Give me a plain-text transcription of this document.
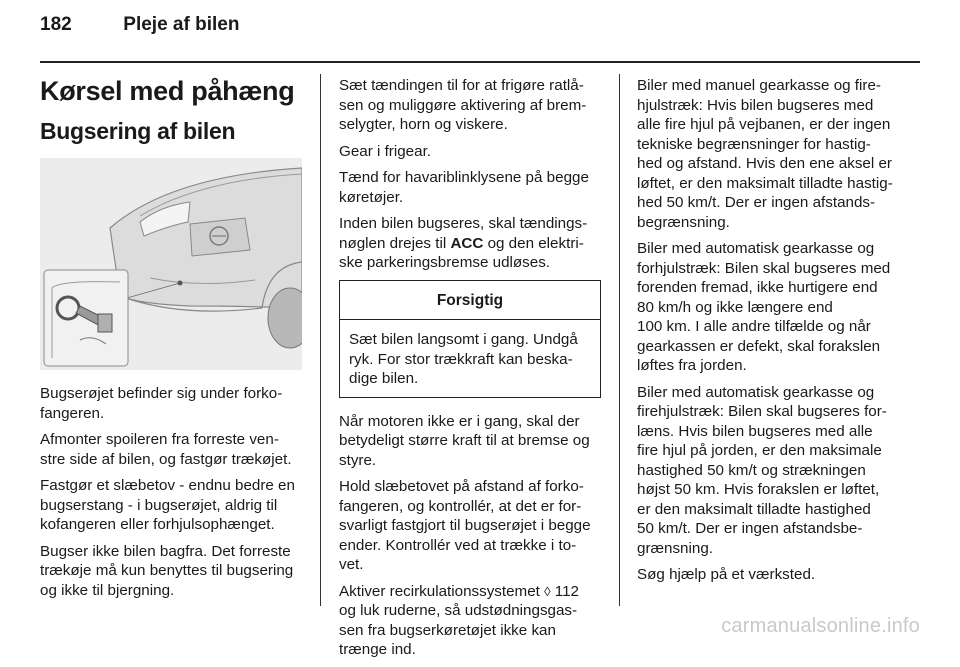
182	Pleje af bilen
Kørsel med påhæng
Bugsering af bilen

Bugserøjet befinder sig under forko-
fangeren.

Afmonter spoileren fra forreste ven-
stre side af bilen, og fastgør trækøjet.

Fastgør et slæbetov - endnu bedre en
bugserstang - i bugserøjet, aldrig til
kofangeren eller forhjulsophænget.

Bugser ikke bilen bagfra. Det forreste
trækøje må kun benyttes til bugsering
og ikke til bjergning.

Sæt tændingen til for at frigøre ratlå-
sen og muliggøre aktivering af brem-
selygter, horn og viskere.

Gear i frigear.

Tænd for havariblinklysene på begge
køretøjer.

Inden bilen bugseres, skal tændings-
nøglen drejes til ACC og den elektri-
ske parkeringsbremse udløses.

Forsigtig
Sæt bilen langsomt i gang. Undgå
ryk. For stor trækkraft kan beska-
dige bilen.

Når motoren ikke er i gang, skal der
betydeligt større kraft til at bremse og
styre.

Hold slæbetovet på afstand af forko-
fangeren, og kontrollér, at det er for-
svarligt fastgjort til bugserøjet i begge
ender. Kontrollér ved at trække i to-
vet.

Aktiver recirkulationssystemet ◊ 112
og luk ruderne, så udstødningsgas-
sen fra bugserkøretøjet ikke kan
trænge ind.

Biler med manuel gearkasse og fire-
hjulstræk: Hvis bilen bugseres med
alle fire hjul på vejbanen, er der ingen
tekniske begrænsninger for hastig-
hed og afstand. Hvis den ene aksel er
løftet, er den maksimalt tilladte hastig-
hed 50 km/t. Der er ingen afstands-
begrænsning.

Biler med automatisk gearkasse og
forhjulstræk: Bilen skal bugseres med
forenden fremad, ikke hurtigere end
80 km/h og ikke længere end
100 km. I alle andre tilfælde og når
gearkassen er defekt, skal forakslen
løftes fra jorden.

Biler med automatisk gearkasse og
firehjulstræk: Bilen skal bugseres for-
læns. Hvis bilen bugseres med alle
fire hjul på jorden, er den maksimale
hastighed 50 km/t og strækningen
højst 50 km. Hvis forakslen er løftet,
er den maksimalt tilladte hastighed
50 km/t. Der er ingen afstandsbe-
grænsning.

Søg hjælp på et værksted.

carmanualsonline.info
